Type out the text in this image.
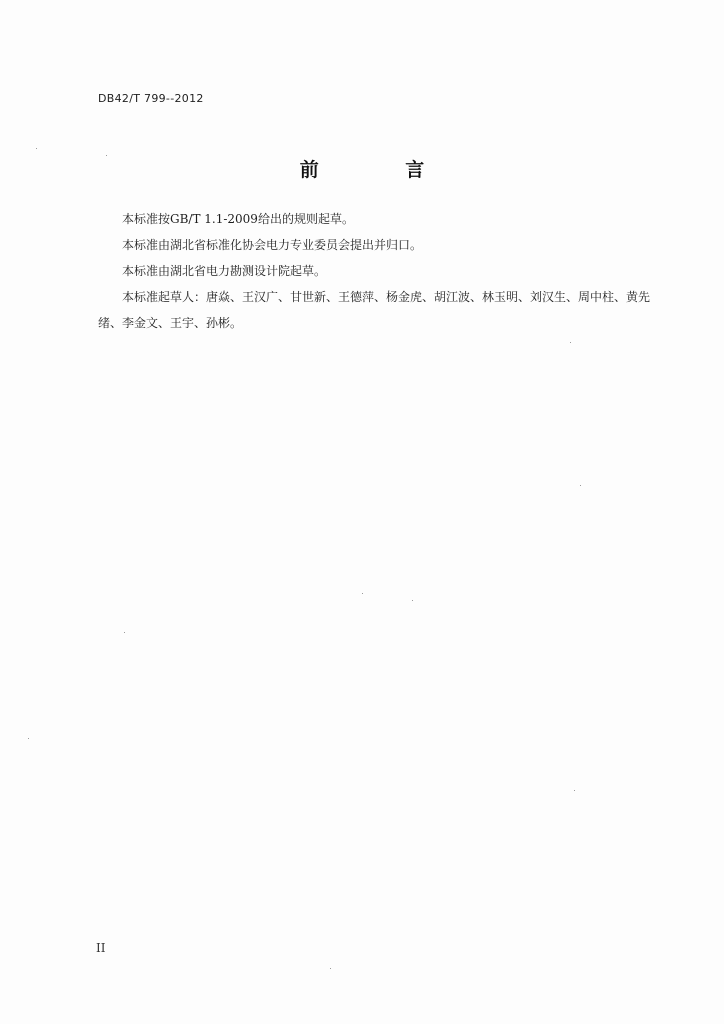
DB42/T 799--2012
前 言

本标准按GB/T 1.1-2009给出的规则起草。

本标准由湖北省标准化协会电力专业委员会提出并归口。

本标准由湖北省电力勘测设计院起草。

本标准起草人：唐焱、王汉广、甘世新、王德萍、杨金虎、胡江波、林玉明、刘汉生、周中柱、黄先绪、李金文、王宇、孙彬。

II
